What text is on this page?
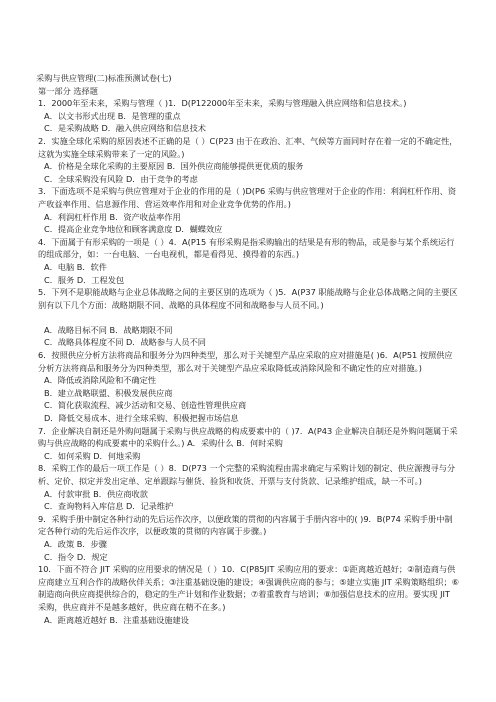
采购与供应管理(二)标准预测试卷(七)
第一部分 选择题
1．2000年至未来，采购与管理（ )1．D(P122000年至未来，采购与管理融入供应网络和信息技术。)
A．以文书形式出现 B．是管理的重点
C．是采购战略 D．融入供应网络和信息技术
2．实施全球化采购的原因表述不正确的是（ ）C(P23 由于在政治、汇率、气候等方面同时存在着一定的不确定性，这就为实施全球采购带来了一定的风险。)
A．价格是全球化采购的主要原因 B．国外供应商能够提供更优质的服务
C．全球采购没有风险 D．由于竞争的考虑
3．下面选项不是采购与供应管理对于企业的作用的是（ )D(P6 采购与供应管理对于企业的作用：利润杠杆作用、资产收益率作用、信息源作用、营运效率作用和对企业竞争优势的作用。)
A．利润杠杆作用 B．资产收益率作用
C．提高企业竞争地位和顾客满意度 D．蝴蝶效应
4．下面属于有形采购的一项是（ ）4．A(P15 有形采购是指采购输出的结果是有形的物品，或是参与某个系统运行的组成部分，如：一台电脑、一台电视机，都是看得见、摸得着的东西。)
A．电脑 B．软件
C．服务 D．工程发包
5．下列不是职能战略与企业总体战略之间的主要区别的选项为（ )5．A(P37 职能战略与企业总体战略之间的主要区别有以下几个方面：战略期限不同、战略的具体程度不同和战略参与人员不同。)

A．战略目标不同 B．战略期限不同
C．战略具体程度不同 D．战略参与人员不同
6．按照供应分析方法将商品和服务分为四种类型，那么对于关键型产品应采取的应对措施是( )6．A(P51 按照供应分析方法将商品和服务分为四种类型，那么对于关键型产品应采取降低或消除风险和不确定性的应对措施。)
A．降低或消除风险和不确定性
B．建立战略联盟、积极发展供应商
C．简化获取流程、减少活动和交易、创造性管理供应商
D．降低交易成本、进行全球采购、积极把握市场信息
7．企业解决自制还是外购问题属于采购与供应战略的构成要素中的（ )7．A(P43 企业解决自制还是外购问题属于采购与供应战略的构成要素中的采购什么。) A．采购什么 B．何时采购
C．如何采购 D．何地采购
8．采购工作的最后一项工作是（ ）8．D(P73 一个完整的采购流程由需求确定与采购计划的制定、供应源搜寻与分析、定价、拟定并发出定单、定单跟踪与催货、验货和收货、开票与支付货款、记录维护组成，缺一不可。)
A．付款审批 B．供应商收款
C．查询物料入库信息 D．记录维护
9．采购手册中制定各种行动的先后运作次序，以便政策的贯彻的内容属于手册内容中的( )9．B(P74 采购手册中制定各种行动的先后运作次序，以便政策的贯彻的内容属于步骤。)
A．政策 B．步骤
C．指令 D．规定
10．下面不符合 JIT 采购的应用要求的情况是（ ）10．C(P85JIT 采购应用的要求：①距离越近越好；②制造商与供应商建立互利合作的战略伙伴关系；③注重基础设施的建设；④强调供应商的参与；⑤建立实施 JIT 采购策略组织；⑥制造商向供应商提供综合的，稳定的生产计划和作业数据；⑦着重教育与培训；⑧加强信息技术的应用。要实现 JIT 采购，供应商并不是越多越好，供应商在精不在多。)
A．距离越近越好 B．注重基础设施建设
